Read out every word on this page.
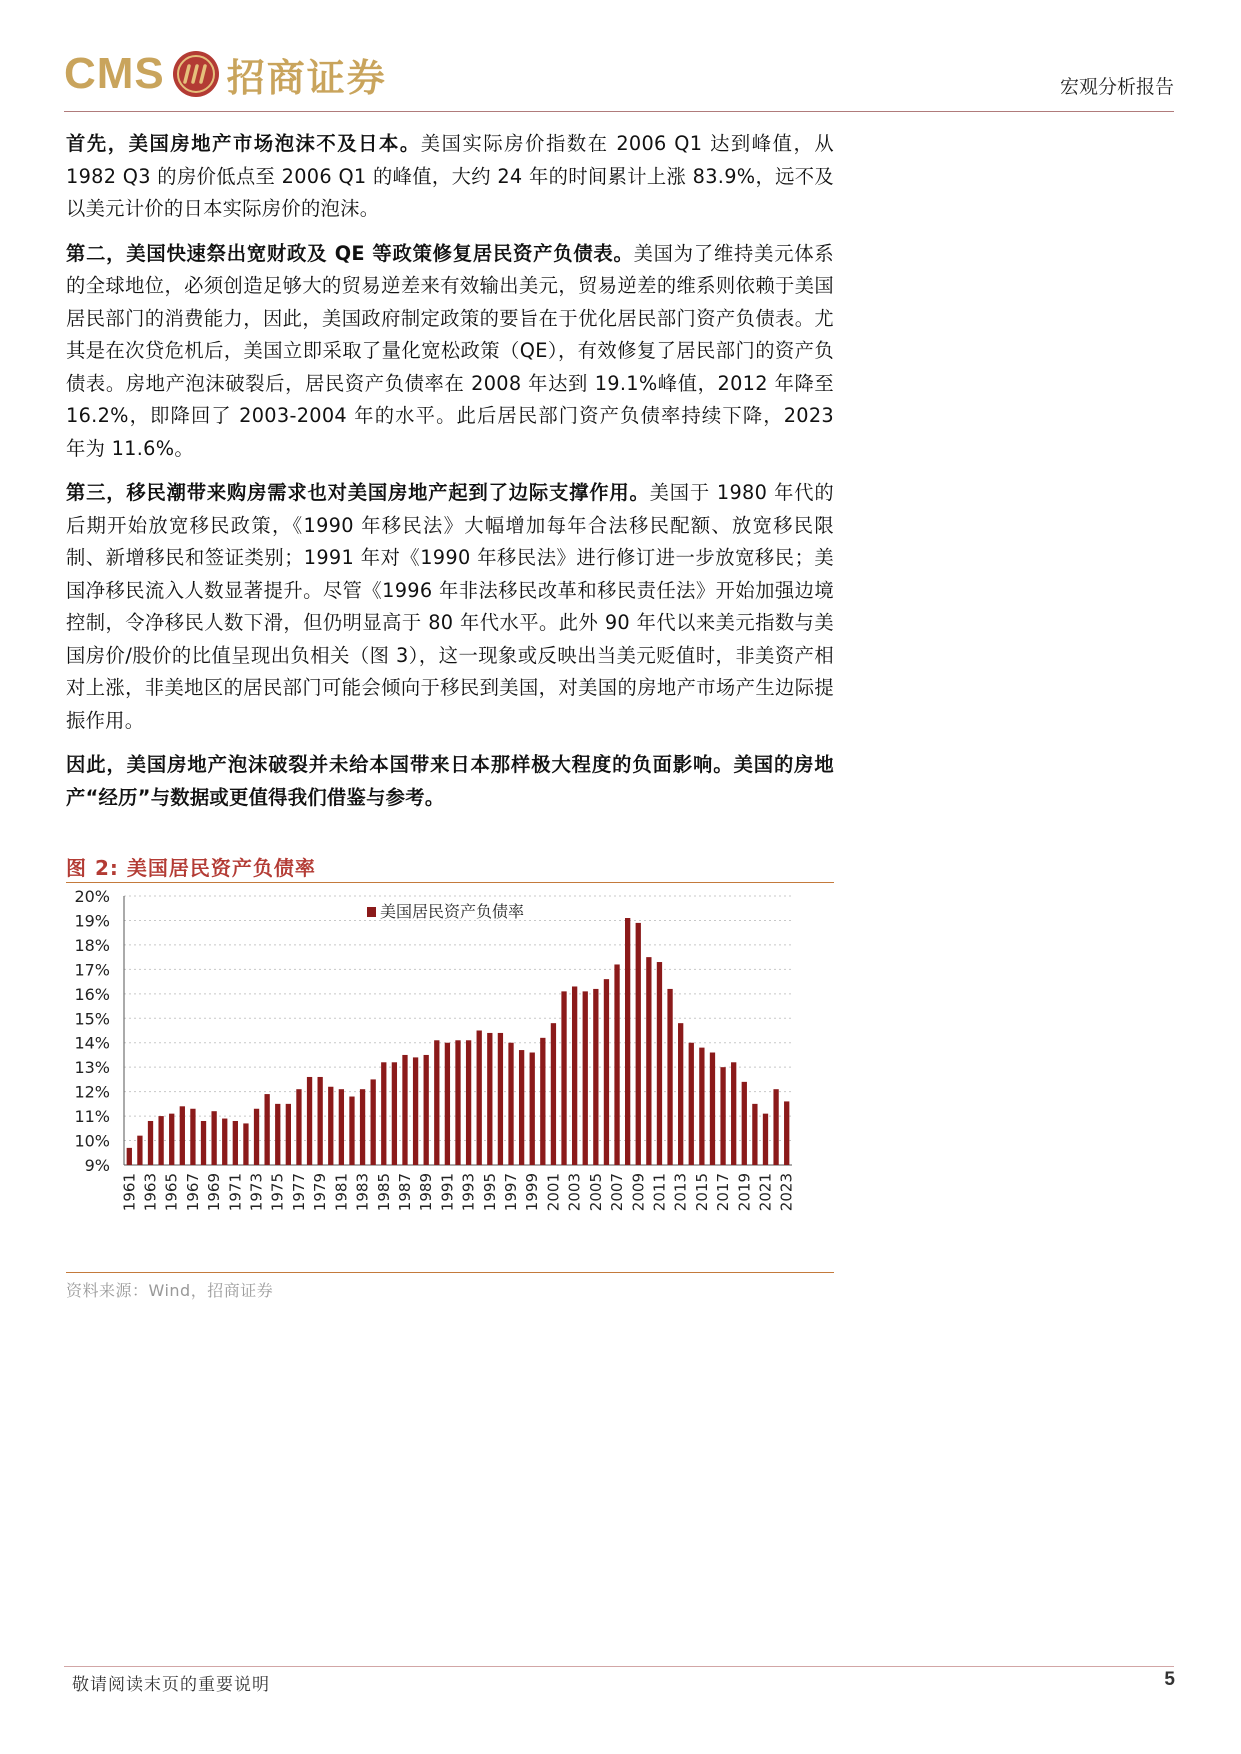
CMS 招商证券	宏观分析报告

首先，美国房地产市场泡沫不及日本。美国实际房价指数在 2006 Q1 达到峰值，从 1982 Q3 的房价低点至 2006 Q1 的峰值，大约 24 年的时间累计上涨 83.9%，远不及以美元计价的日本实际房价的泡沫。

第二，美国快速祭出宽财政及 QE 等政策修复居民资产负债表。美国为了维持美元体系的全球地位，必须创造足够大的贸易逆差来有效输出美元，贸易逆差的维系则依赖于美国居民部门的消费能力，因此，美国政府制定政策的要旨在于优化居民部门资产负债表。尤其是在次贷危机后，美国立即采取了量化宽松政策（QE），有效修复了居民部门的资产负债表。房地产泡沫破裂后，居民资产负债率在 2008 年达到 19.1%峰值，2012 年降至 16.2%，即降回了 2003-2004 年的水平。此后居民部门资产负债率持续下降，2023 年为 11.6%。

第三，移民潮带来购房需求也对美国房地产起到了边际支撑作用。美国于 1980 年代的后期开始放宽移民政策，《1990 年移民法》大幅增加每年合法移民配额、放宽移民限制、新增移民和签证类别；1991 年对《1990 年移民法》进行修订进一步放宽移民；美国净移民流入人数显著提升。尽管《1996 年非法移民改革和移民责任法》开始加强边境控制，令净移民人数下滑，但仍明显高于 80 年代水平。此外 90 年代以来美元指数与美国房价/股价的比值呈现出负相关（图 3），这一现象或反映出当美元贬值时，非美资产相对上涨，非美地区的居民部门可能会倾向于移民到美国，对美国的房地产市场产生边际提振作用。

因此，美国房地产泡沫破裂并未给本国带来日本那样极大程度的负面影响。美国的房地产“经历”与数据或更值得我们借鉴与参考。

图 2: 美国居民资产负债率
9%
10%
11%
12%
13%
14%
15%
16%
17%
18%
19%
20%
1961 1963 1965 1967 1969 1971 1973 1975 1977 1979 1981 1983 1985 1987 1989 1991 1993 1995 1997 1999 2001 2003 2005 2007 2009 2011 2013 2015 2017 2019 2021 2023
美国居民资产负债率
资料来源：Wind，招商证券
敬请阅读末页的重要说明	5
